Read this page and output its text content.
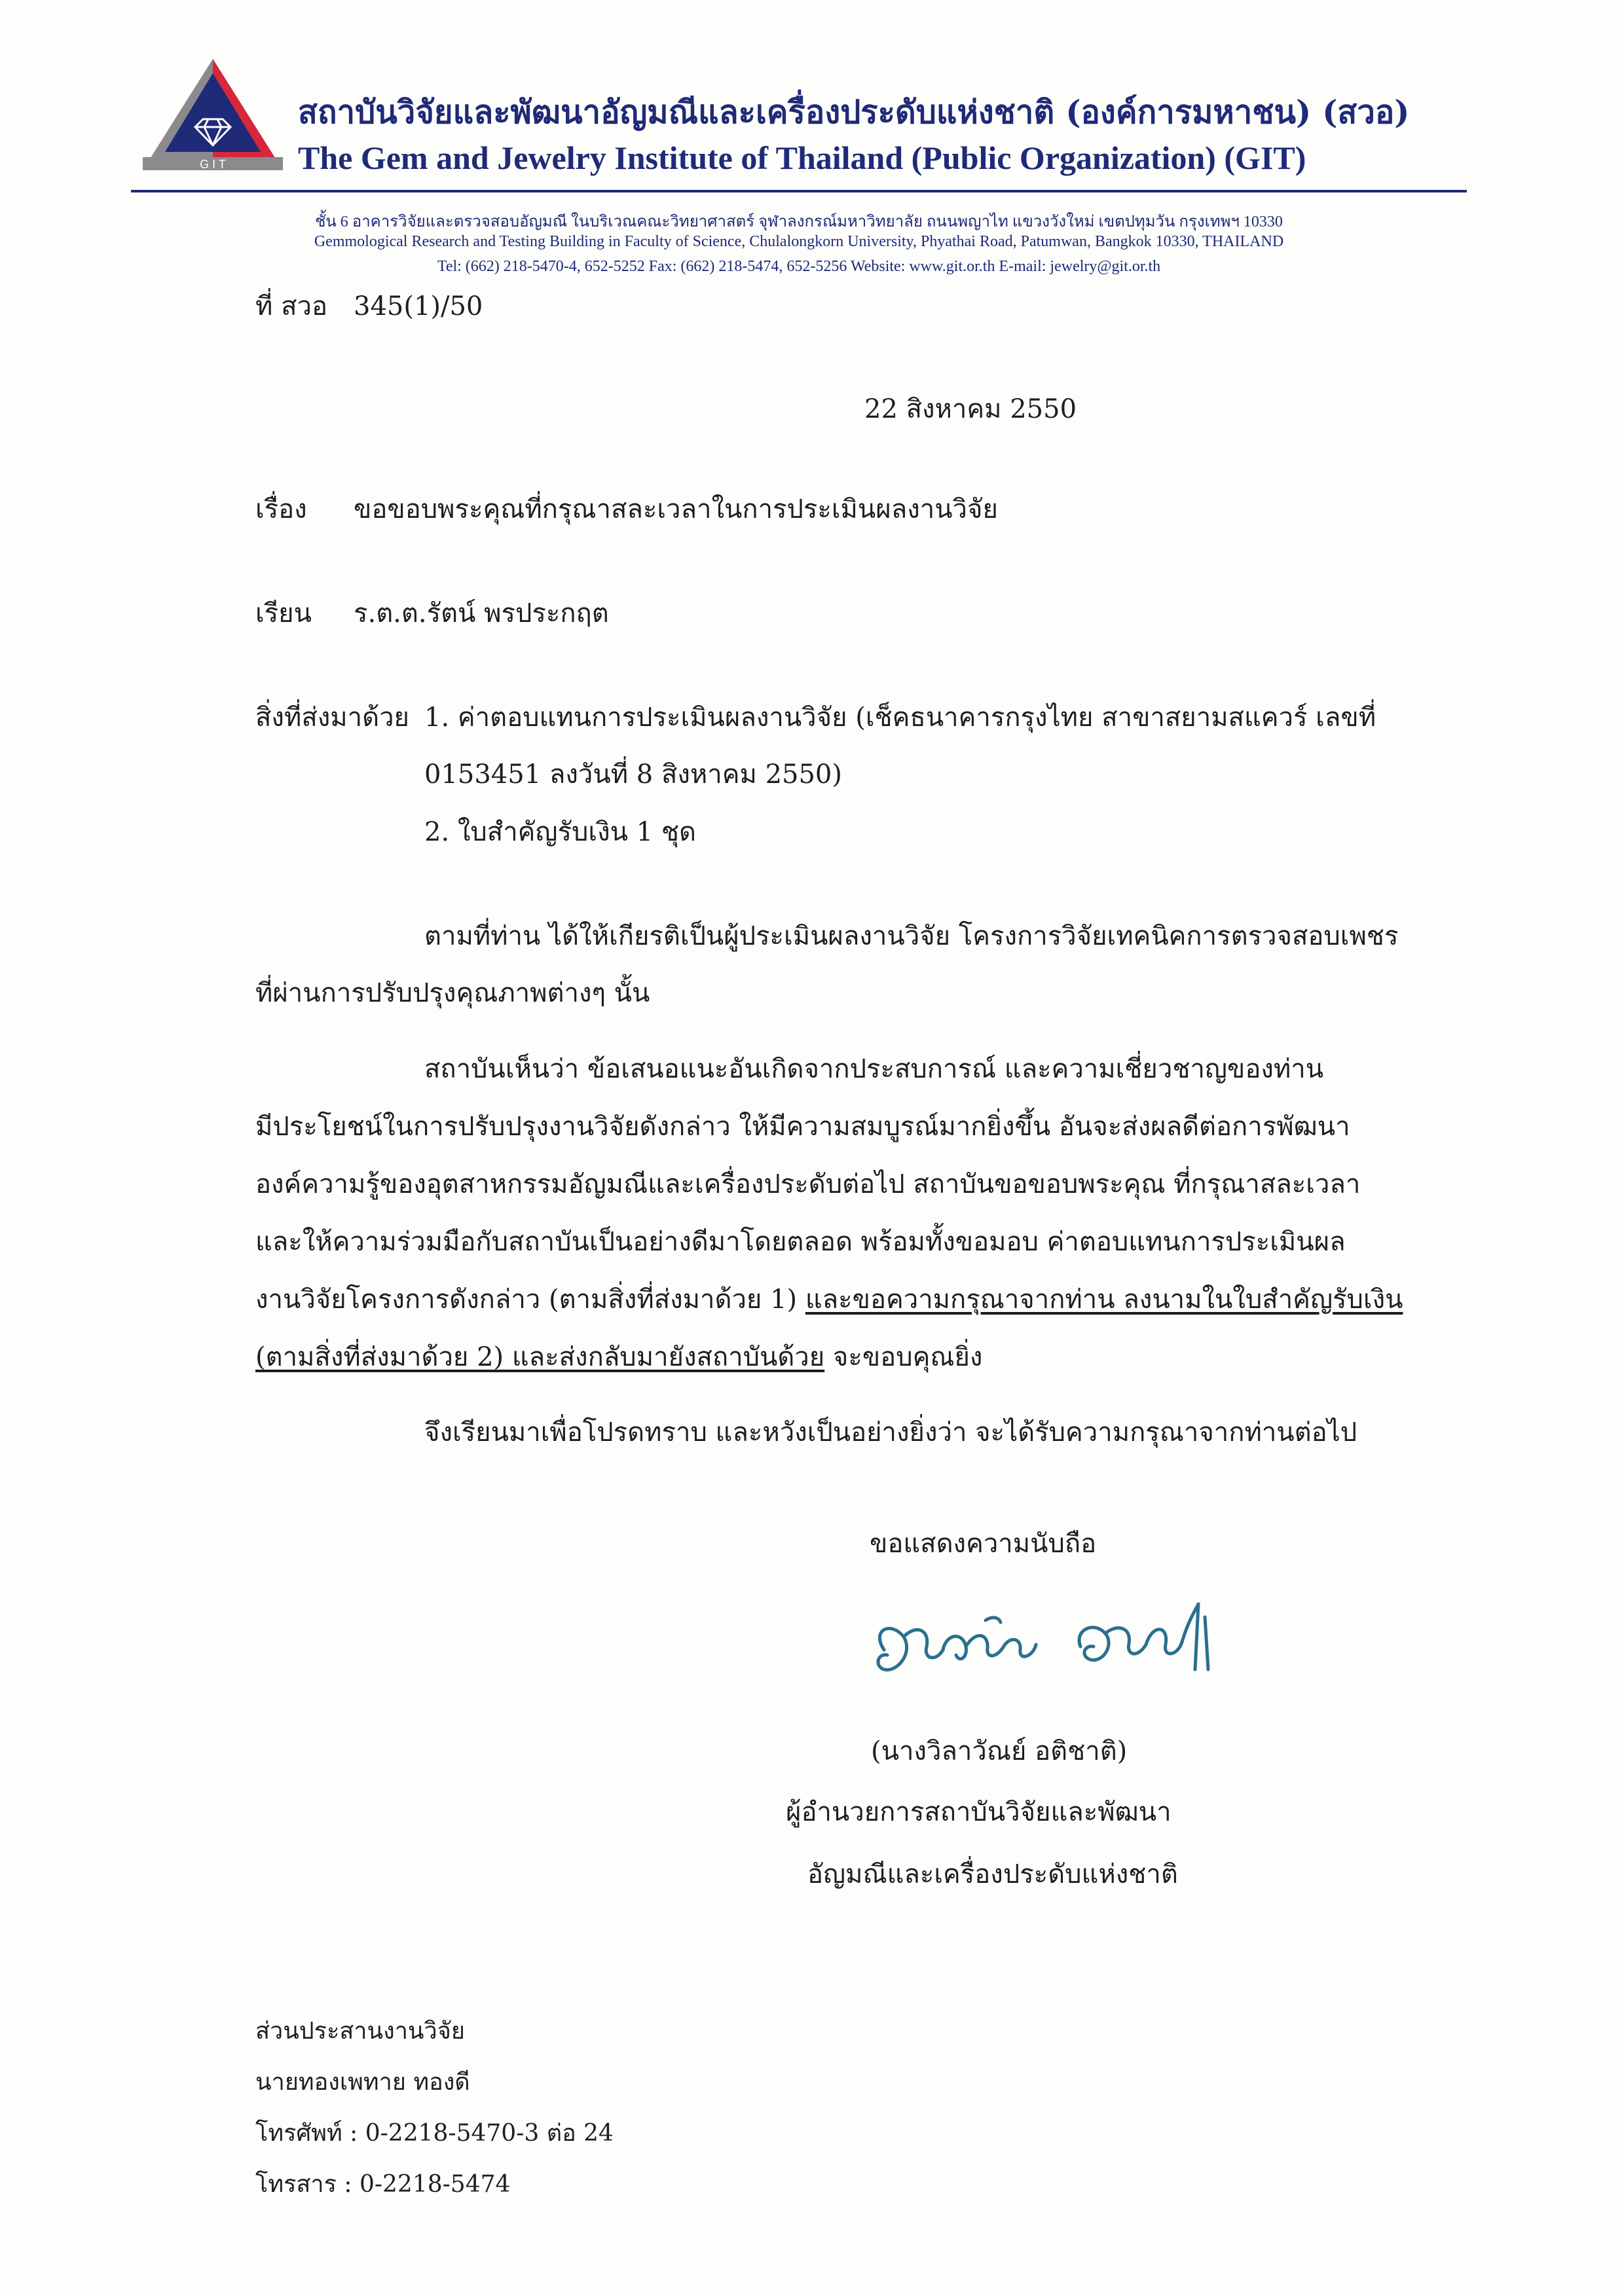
G I T
สถาบันวิจัยและพัฒนาอัญมณีและเครื่องประดับแห่งชาติ (องค์การมหาชน) (สวอ)
The Gem and Jewelry Institute of Thailand (Public Organization) (GIT)
ชั้น 6 อาคารวิจัยและตรวจสอบอัญมณี ในบริเวณคณะวิทยาศาสตร์ จุฬาลงกรณ์มหาวิทยาลัย ถนนพญาไท แขวงวังใหม่ เขตปทุมวัน กรุงเทพฯ 10330
Gemmological Research and Testing Building in Faculty of Science, Chulalongkorn University, Phyathai Road, Patumwan, Bangkok 10330, THAILAND
Tel: (662) 218-5470-4, 652-5252 Fax: (662) 218-5474, 652-5256 Website: www.git.or.th E-mail: jewelry@git.or.th
ที่ สวอ 345(1)/50
22 สิงหาคม 2550
เรื่อง ขอขอบพระคุณที่กรุณาสละเวลาในการประเมินผลงานวิจัย
เรียน ร.ต.ต.รัตน์ พรประกฤต
สิ่งที่ส่งมาด้วย 1. ค่าตอบแทนการประเมินผลงานวิจัย (เช็คธนาคารกรุงไทย สาขาสยามสแควร์ เลขที่
0153451 ลงวันที่ 8 สิงหาคม 2550)
2. ใบสำคัญรับเงิน 1 ชุด
ตามที่ท่าน ได้ให้เกียรติเป็นผู้ประเมินผลงานวิจัย โครงการวิจัยเทคนิคการตรวจสอบเพชร
ที่ผ่านการปรับปรุงคุณภาพต่างๆ นั้น
สถาบันเห็นว่า ข้อเสนอแนะอันเกิดจากประสบการณ์ และความเชี่ยวชาญของท่าน
มีประโยชน์ในการปรับปรุงงานวิจัยดังกล่าว ให้มีความสมบูรณ์มากยิ่งขึ้น อันจะส่งผลดีต่อการพัฒนา
องค์ความรู้ของอุตสาหกรรมอัญมณีและเครื่องประดับต่อไป สถาบันขอขอบพระคุณ ที่กรุณาสละเวลา
และให้ความร่วมมือกับสถาบันเป็นอย่างดีมาโดยตลอด พร้อมทั้งขอมอบ ค่าตอบแทนการประเมินผล
งานวิจัยโครงการดังกล่าว (ตามสิ่งที่ส่งมาด้วย 1) และขอความกรุณาจากท่าน ลงนามในใบสำคัญรับเงิน
(ตามสิ่งที่ส่งมาด้วย 2) และส่งกลับมายังสถาบันด้วย จะขอบคุณยิ่ง
จึงเรียนมาเพื่อโปรดทราบ และหวังเป็นอย่างยิ่งว่า จะได้รับความกรุณาจากท่านต่อไป
ขอแสดงความนับถือ
(นางวิลาวัณย์ อติชาติ)
ผู้อำนวยการสถาบันวิจัยและพัฒนา
อัญมณีและเครื่องประดับแห่งชาติ
ส่วนประสานงานวิจัย
นายทองเพทาย ทองดี
โทรศัพท์ : 0-2218-5470-3 ต่อ 24
โทรสาร : 0-2218-5474
